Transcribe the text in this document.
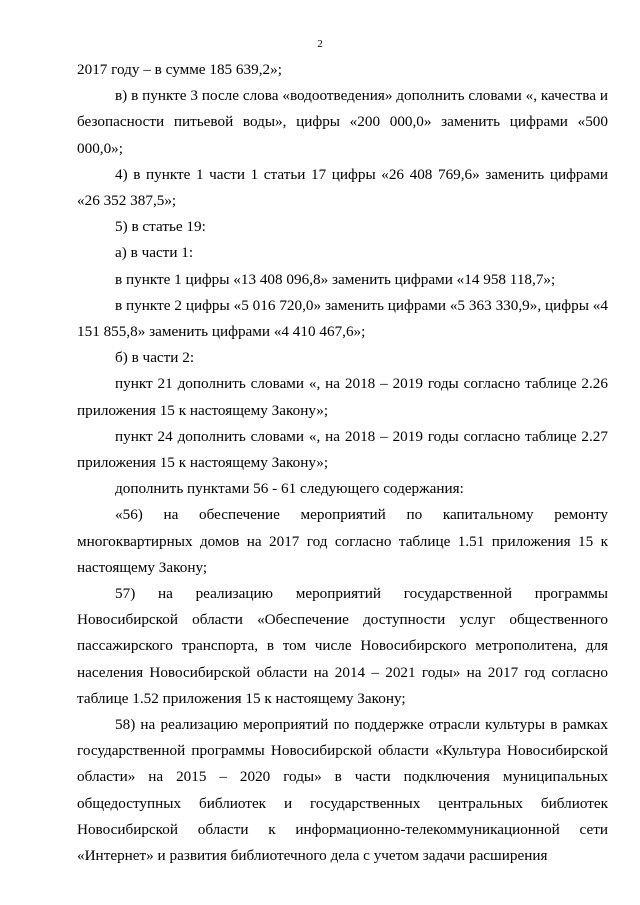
2

2017 году – в сумме 185 639,2»;

в) в пункте 3 после слова «водоотведения» дополнить словами «, качества и безопасности питьевой воды», цифры «200 000,0» заменить цифрами «500 000,0»;

4) в пункте 1 части 1 статьи 17 цифры «26 408 769,6» заменить цифрами «26 352 387,5»;

5) в статье 19:

а) в части 1:

в пункте 1 цифры «13 408 096,8» заменить цифрами «14 958 118,7»;

в пункте 2 цифры «5 016 720,0» заменить цифрами «5 363 330,9», цифры «4 151 855,8» заменить цифрами «4 410 467,6»;

б) в части 2:

пункт 21 дополнить словами «, на 2018 – 2019 годы согласно таблице 2.26 приложения 15 к настоящему Закону»;

пункт 24 дополнить словами «, на 2018 – 2019 годы согласно таблице 2.27 приложения 15 к настоящему Закону»;

дополнить пунктами 56 - 61 следующего содержания:

«56) на обеспечение мероприятий по капитальному ремонту многоквартирных домов на 2017 год согласно таблице 1.51 приложения 15 к настоящему Закону;

57) на реализацию мероприятий государственной программы Новосибирской области «Обеспечение доступности услуг общественного пассажирского транспорта, в том числе Новосибирского метрополитена, для населения Новосибирской области на 2014 – 2021 годы» на 2017 год согласно таблице 1.52 приложения 15 к настоящему Закону;

58) на реализацию мероприятий по поддержке отрасли культуры в рамках государственной программы Новосибирской области «Культура Новосибирской области» на 2015 – 2020 годы» в части подключения муниципальных общедоступных библиотек и государственных центральных библиотек Новосибирской области к информационно-телекоммуникационной сети «Интернет» и развития библиотечного дела с учетом задачи расширения
